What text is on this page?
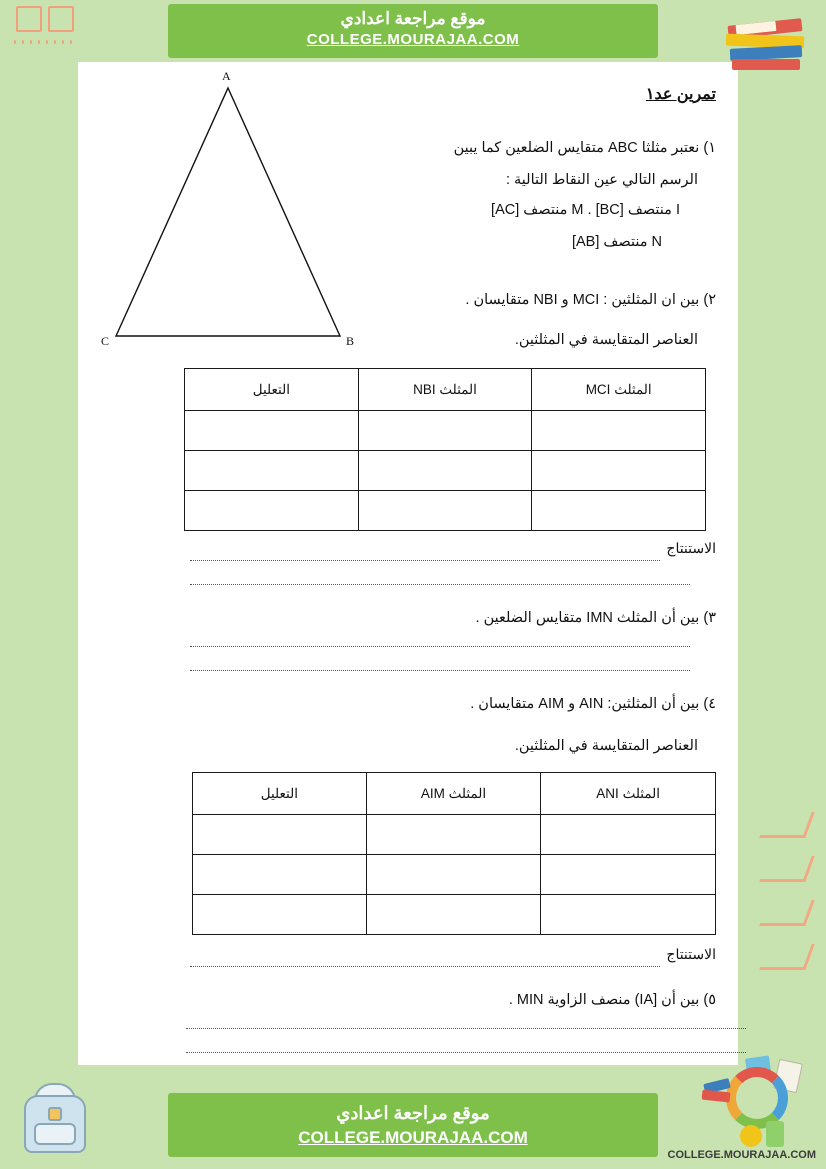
موقع مراجعة اعدادي
COLLEGE.MOURAJAA.COM
موقع مراجعة اعدادي
COLLEGE.MOURAJAA.COM
COLLEGE.MOURAJAA.COM
تمرين عد١
A
B
C
١) نعتبر مثلثا ABC متقايس الضلعين كما يبين
الرسم التالي عين النقاط التالية :
I منتصف [BC] . M منتصف [AC]
N منتصف [AB]
٢) بين ان المثلثين : MCI و NBI متقايسان .
العناصر المتقايسة في المثلثين.
المثلث MCI	المثلث NBI	التعليل

الاستنتاج
٣) بين أن المثلث IMN متقايس الضلعين .
٤) بين أن المثلثين: AIN و AIM متقايسان .
العناصر المتقايسة في المثلثين.
المثلث ANI	المثلث AIM	التعليل

الاستنتاج
٥) بين أن [IA) منصف الزاوية MIN .
